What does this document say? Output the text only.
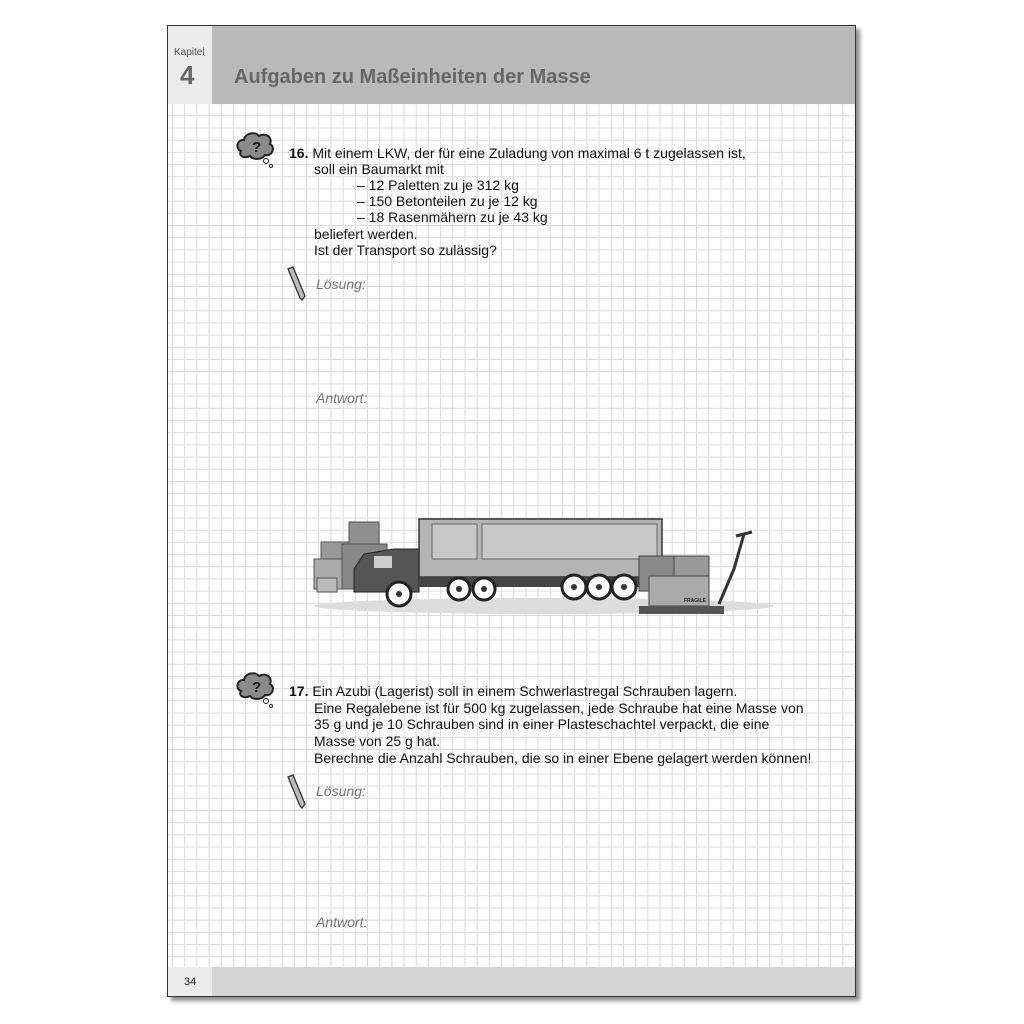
Kapitel
4 Aufgaben zu Maßeinheiten der Masse
? 16. Mit einem LKW, der für eine Zuladung von maximal 6 t zugelassen ist,
soll ein Baumarkt mit
– 12 Paletten zu je 312 kg
– 150 Betonteilen zu je 12 kg
– 18 Rasenmähern zu je 43 kg
beliefert werden.
Ist der Transport so zulässig?
Lösung:
Antwort:
FRAGILE
? 17. Ein Azubi (Lagerist) soll in einem Schwerlastregal Schrauben lagern.
Eine Regalebene ist für 500 kg zugelassen, jede Schraube hat eine Masse von
35 g und je 10 Schrauben sind in einer Plasteschachtel verpackt, die eine
Masse von 25 g hat.
Berechne die Anzahl Schrauben, die so in einer Ebene gelagert werden können!
Lösung:
Antwort:
34
